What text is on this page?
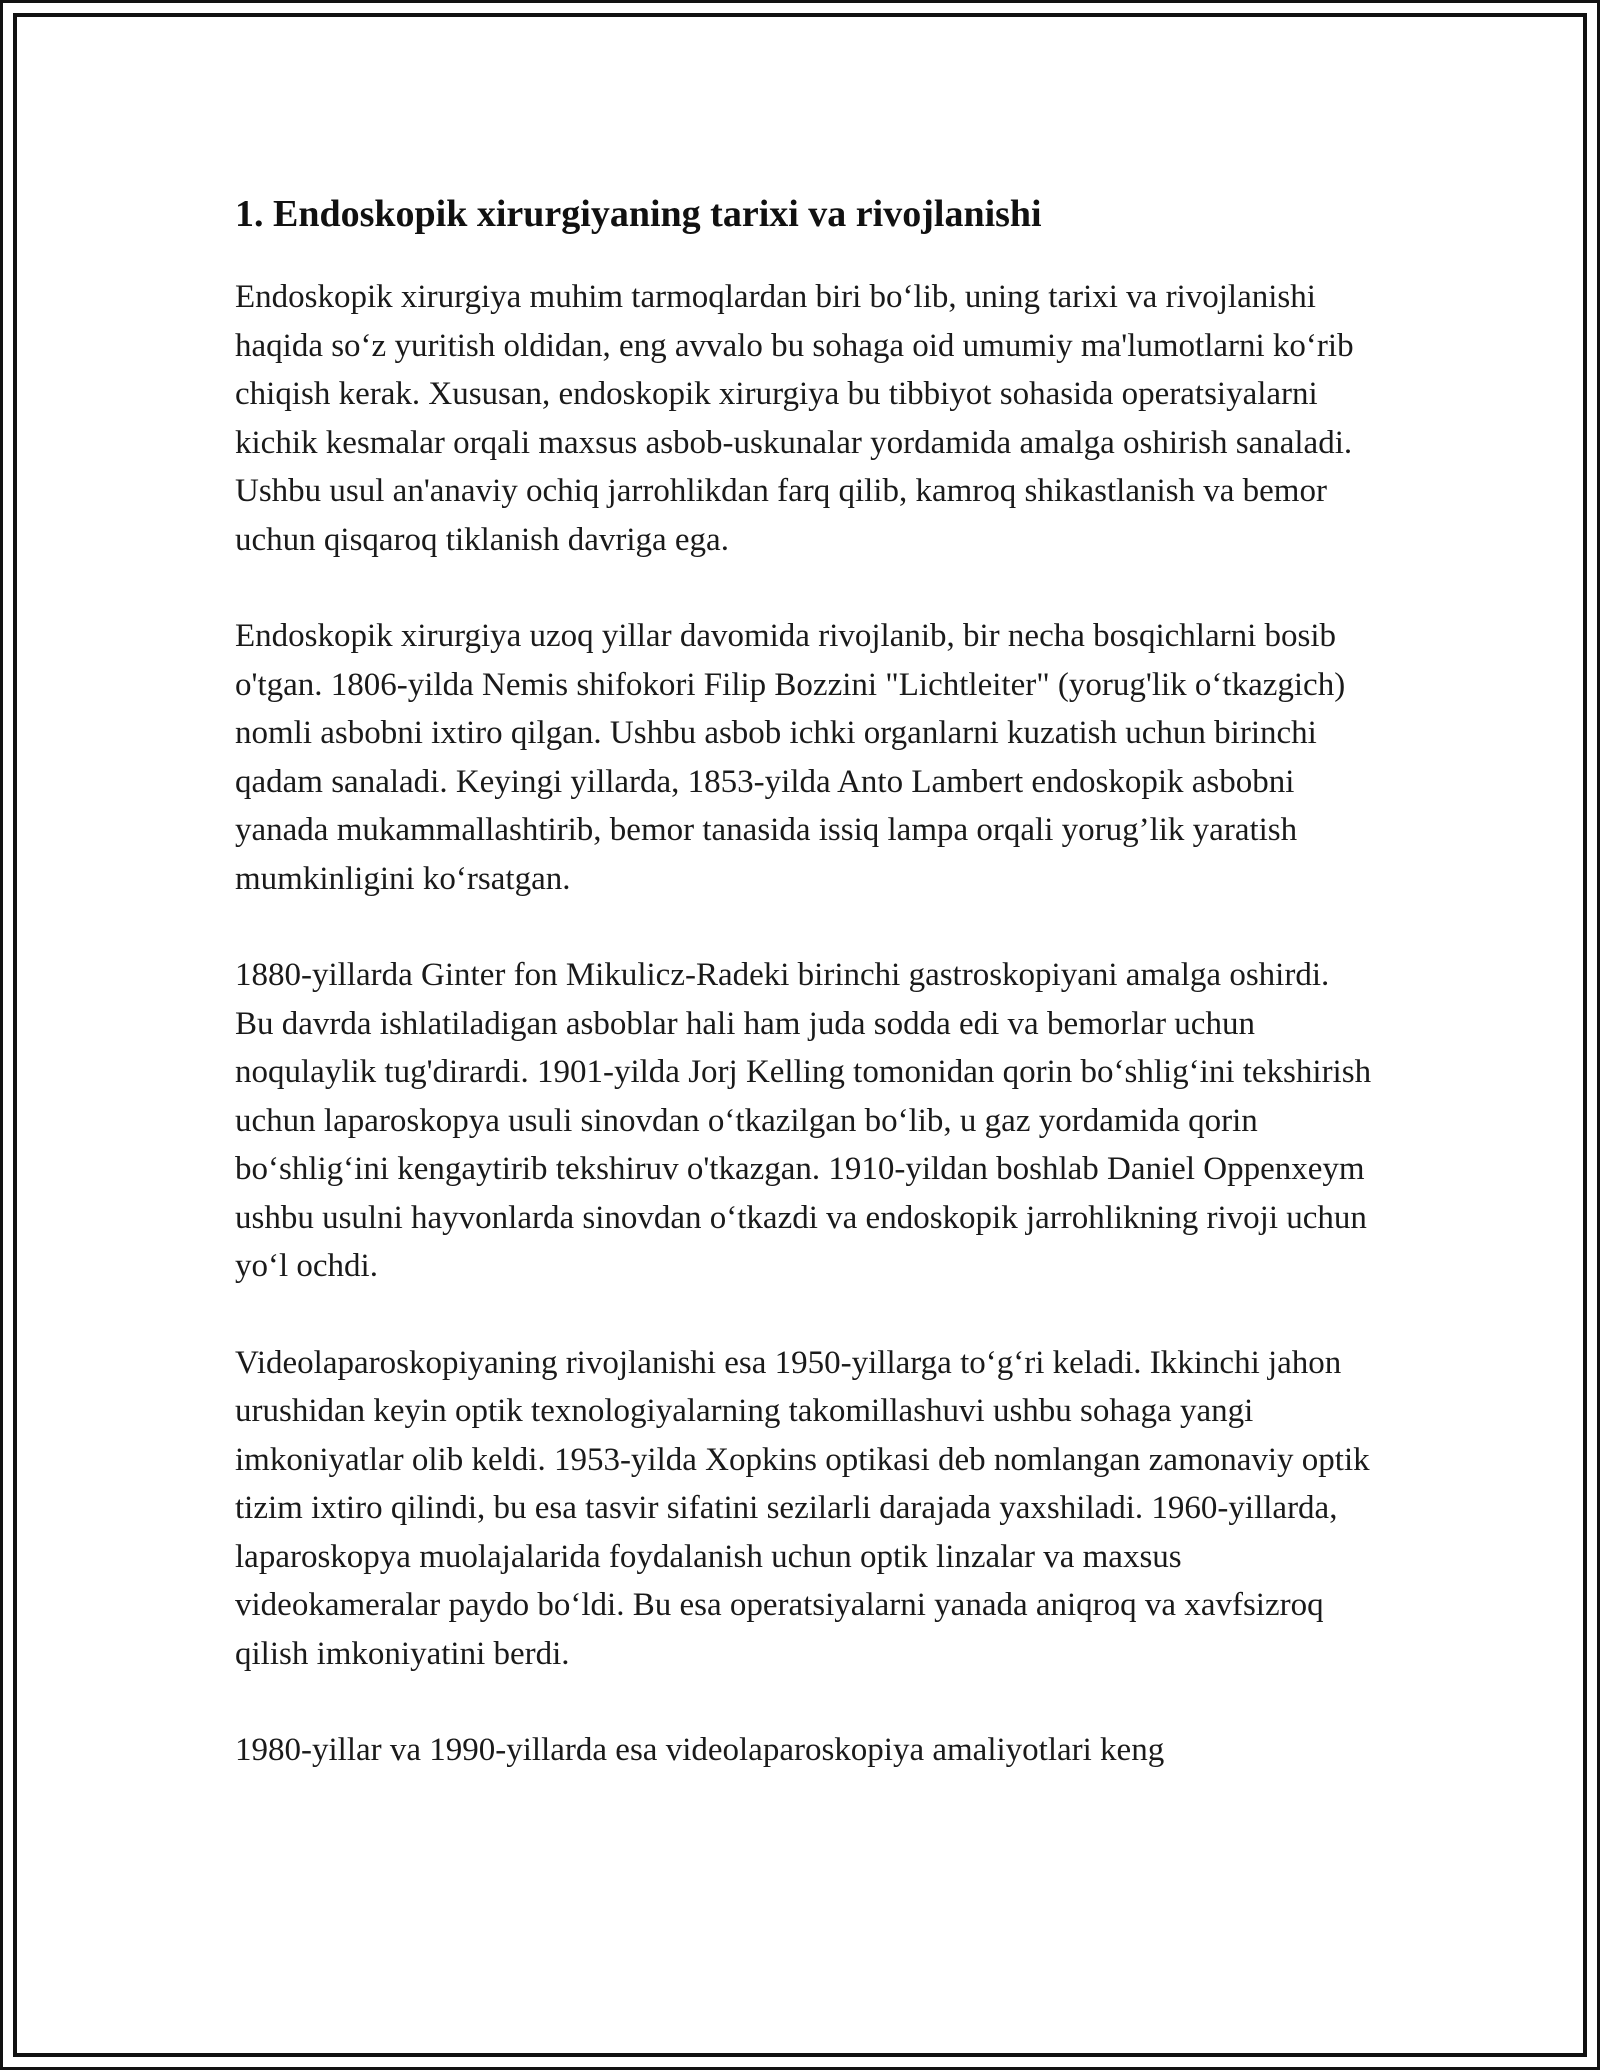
1. Endoskopik xirurgiyaning tarixi va rivojlanishi

Endoskopik xirurgiya muhim tarmoqlardan biri bo‘lib, uning tarixi va rivojlanishi haqida so‘z yuritish oldidan, eng avvalo bu sohaga oid umumiy ma'lumotlarni ko‘rib chiqish kerak. Xususan, endoskopik xirurgiya bu tibbiyot sohasida operatsiyalarni kichik kesmalar orqali maxsus asbob-uskunalar yordamida amalga oshirish sanaladi. Ushbu usul an'anaviy ochiq jarrohlikdan farq qilib, kamroq shikastlanish va bemor uchun qisqaroq tiklanish davriga ega.

Endoskopik xirurgiya uzoq yillar davomida rivojlanib, bir necha bosqichlarni bosib o'tgan. 1806-yilda Nemis shifokori Filip Bozzini "Lichtleiter" (yorug'lik o‘tkazgich) nomli asbobni ixtiro qilgan. Ushbu asbob ichki organlarni kuzatish uchun birinchi qadam sanaladi. Keyingi yillarda, 1853-yilda Anto Lambert endoskopik asbobni yanada mukammallashtirib, bemor tanasida issiq lampa orqali yorug’lik yaratish mumkinligini ko‘rsatgan.

1880-yillarda Ginter fon Mikulicz-Radeki birinchi gastroskopiyani amalga oshirdi. Bu davrda ishlatiladigan asboblar hali ham juda sodda edi va bemorlar uchun noqulaylik tug'dirardi. 1901-yilda Jorj Kelling tomonidan qorin bo‘shlig‘ini tekshirish uchun laparoskopya usuli sinovdan o‘tkazilgan bo‘lib, u gaz yordamida qorin bo‘shlig‘ini kengaytirib tekshiruv o'tkazgan. 1910-yildan boshlab Daniel Oppenxeym ushbu usulni hayvonlarda sinovdan o‘tkazdi va endoskopik jarrohlikning rivoji uchun yo‘l ochdi.

Videolaparoskopiyaning rivojlanishi esa 1950-yillarga to‘g‘ri keladi. Ikkinchi jahon urushidan keyin optik texnologiyalarning takomillashuvi ushbu sohaga yangi imkoniyatlar olib keldi. 1953-yilda Xopkins optikasi deb nomlangan zamonaviy optik tizim ixtiro qilindi, bu esa tasvir sifatini sezilarli darajada yaxshiladi. 1960-yillarda, laparoskopya muolajalarida foydalanish uchun optik linzalar va maxsus videokameralar paydo bo‘ldi. Bu esa operatsiyalarni yanada aniqroq va xavfsizroq qilish imkoniyatini berdi.

1980-yillar va 1990-yillarda esa videolaparoskopiya amaliyotlari keng
